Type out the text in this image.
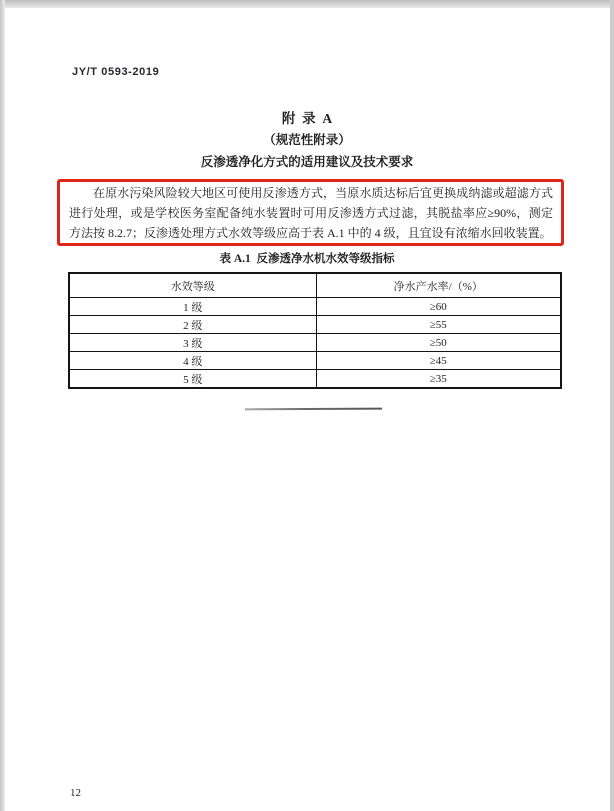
JY/T 0593-2019
附  录  A
（规范性附录）
反渗透净化方式的适用建议及技术要求

在原水污染风险较大地区可使用反渗透方式，当原水质达标后宜更换成纳滤或超滤方式进行处理，或是学校医务室配备纯水装置时可用反渗透方式过滤，其脱盐率应≥90%，测定方法按 8.2.7；反渗透处理方式水效等级应高于表 A.1 中的 4 级，且宜设有浓缩水回收装置。

表 A.1  反渗透净水机水效等级指标
水效等级	净水产水率/（%）
1 级	≥60
2 级	≥55
3 级	≥50
4 级	≥45
5 级	≥35
12
